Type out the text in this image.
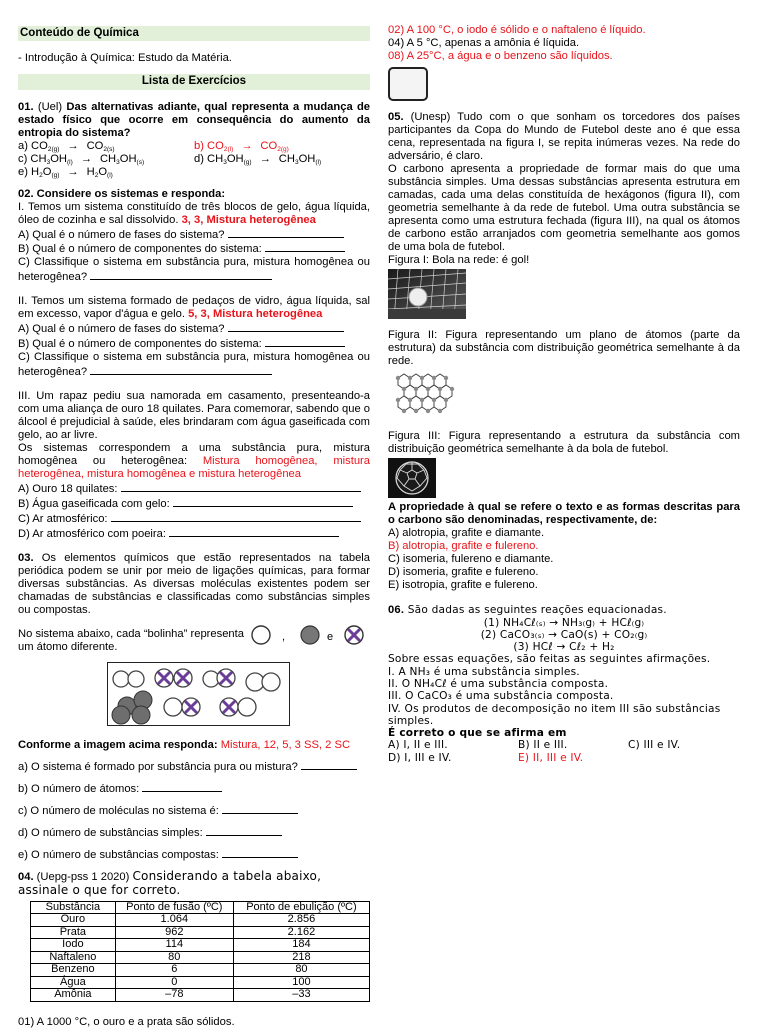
Conteúdo de Química

- Introdução à Química: Estudo da Matéria.

Lista de Exercícios

01. (Uel) Das alternativas adiante, qual representa a mudança de estado físico que ocorre em consequência do aumento da entropia do sistema?

a) $CO_{2(g)} \to CO_{2(s)}$	b) $CO_{2(l)} \to CO_{2(g)}$
c) $CH_3OH_{(l)} \to CH_3OH_{(s)}$	d) $CH_3OH_{(g)} \to CH_3OH_{(l)}$
e) $H_2O_{(g)} \to H_2O_{(l)}$

02. Considere os sistemas e responda:

I. Temos um sistema constituído de três blocos de gelo, água líquida, óleo de cozinha e sal dissolvido. 3, 3, Mistura heterogênea

A) Qual é o número de fases do sistema?

B) Qual é o número de componentes do sistema:

C) Classifique o sistema em substância pura, mistura homogênea ou heterogênea?

II. Temos um sistema formado de pedaços de vidro, água líquida, sal em excesso, vapor d'água e gelo. 5, 3, Mistura heterogênea

A) Qual é o número de fases do sistema?

B) Qual é o número de componentes do sistema:

C) Classifique o sistema em substância pura, mistura homogênea ou heterogênea?

III. Um rapaz pediu sua namorada em casamento, presenteando-a com uma aliança de ouro 18 quilates. Para comemorar, sabendo que o álcool é prejudicial à saúde, eles brindaram com água gaseificada com gelo, ao ar livre.

Os sistemas correspondem a uma substância pura, mistura homogênea ou heterogênea: Mistura homogênea, mistura heterogênea, mistura homogênea e mistura heterogênea

A) Ouro 18 quilates:

B) Água gaseificada com gelo:

C) Ar atmosférico:

D) Ar atmosférico com poeira:

03. Os elementos químicos que estão representados na tabela periódica podem se unir por meio de ligações químicas, para formar diversas substâncias. As diversas moléculas existentes podem ser chamadas de substâncias e classificadas como substâncias simples ou compostas.

No sistema abaixo, cada “bolinha” representa um átomo diferente.

,	e

Conforme a imagem acima responda: Mistura, 12, 5, 3 SS, 2 SC

a) O sistema é formado por substância pura ou mistura?

b) O número de átomos:

c) O número de moléculas no sistema é:

d) O número de substâncias simples:

e) O número de substâncias compostas:

04. (Uepg-pss 1 2020) Considerando a tabela abaixo, assinale o que for correto.

Substância	Ponto de fusão (ºC)	Ponto de ebulição (ºC)
Ouro	1.064	2.856
Prata	962	2.162
Iodo	114	184
Naftaleno	80	218
Benzeno	6	80
Água	0	100
Amônia	–78	–33

01) A 1000 °C, o ouro e a prata são sólidos.

02) A 100 °C, o iodo é sólido e o naftaleno é líquido.

04) A 5 °C, apenas a amônia é líquida.

08) A 25°C, a água e o benzeno são líquidos.

05. (Unesp) Tudo com o que sonham os torcedores dos países participantes da Copa do Mundo de Futebol deste ano é que essa cena, representada na figura I, se repita inúmeras vezes. Na rede do adversário, é claro.

O carbono apresenta a propriedade de formar mais do que uma substância simples. Uma dessas substâncias apresenta estrutura em camadas, cada uma delas constituída de hexágonos (figura II), com geometria semelhante à da rede de futebol. Uma outra substância se apresenta como uma estrutura fechada (figura III), na qual os átomos de carbono estão arranjados com geometria semelhante aos gomos de uma bola de futebol.

Figura I: Bola na rede: é gol!

Figura II: Figura representando um plano de átomos (parte da estrutura) da substância com distribuição geométrica semelhante à da rede.

Figura III: Figura representando a estrutura da substância com distribuição geométrica semelhante à da bola de futebol.

A propriedade à qual se refere o texto e as formas descritas para o carbono são denominadas, respectivamente, de:

A) alotropia, grafite e diamante.

B) alotropia, grafite e fulereno.

C) isomeria, fulereno e diamante.

D) isomeria, grafite e fulereno.

E) isotropia, grafite e fulereno.

06. São dadas as seguintes reações equacionadas.

(1) NH₄Cℓ₍ₛ₎ → NH₃₍g₎ + HCℓ₍g₎

(2) CaCO₃₍ₛ₎ → CaO(s) + CO₂₍g₎

(3) HCℓ → Cℓ₂ + H₂

Sobre essas equações, são feitas as seguintes afirmações.

I. A NH₃ é uma substância simples.

II. O NH₄Cℓ é uma substância composta.

III. O CaCO₃ é uma substância composta.

IV. Os produtos de decomposição no item III são substâncias simples.

É correto o que se afirma em

A) I, II e III.	B) II e III.	C) III e IV.
D) I, III e IV.	E) II, III e IV.
